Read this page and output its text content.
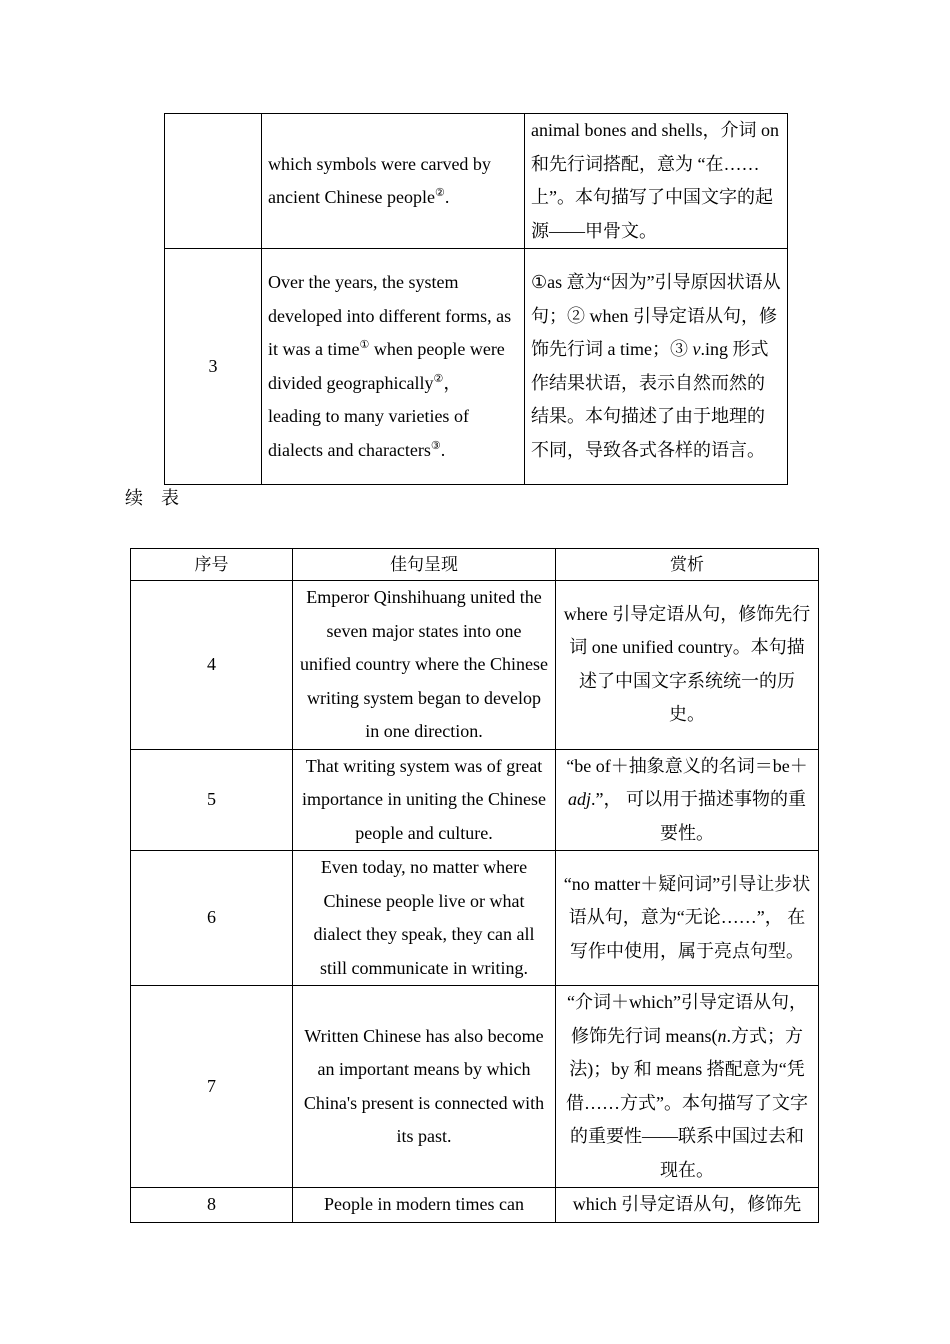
	which symbols were carved by ancient Chinese people②.	animal bones and shells，介词 on 和先行词搭配，意为 “在……上”。本句描写了中国文字的起源——甲骨文。
3	Over the years, the system developed into different forms, as it was a time① when people were divided geographically②， leading to many varieties of dialects and characters③.	①as 意为“因为”引导原因状语从句；② when 引导定语从句，修饰先行词 a time；③ v.ing 形式作结果状语，表示自然而然的结果。本句描述了由于地理的不同，导致各式各样的语言。
续表
序号	佳句呈现	赏析
4	Emperor Qinshihuang united the seven major states into one unified country where the Chinese writing system began to develop in one direction.	where 引导定语从句，修饰先行词 one unified country。本句描述了中国文字系统统一的历史。
5	That writing system was of great importance in uniting the Chinese people and culture.	“be of＋抽象意义的名词＝be＋adj.”， 可以用于描述事物的重要性。
6	Even today, no matter where Chinese people live or what dialect they speak, they can all still communicate in writing.	“no matter＋疑问词”引导让步状语从句，意为“无论……”， 在写作中使用，属于亮点句型。
7	Written Chinese has also become an important means by which China's present is connected with its past.	“介词＋which”引导定语从句，修饰先行词 means(n.方式；方法)；by 和 means 搭配意为“凭借……方式”。本句描写了文字的重要性——联系中国过去和现在。
8	People in modern times can	which 引导定语从句，修饰先
